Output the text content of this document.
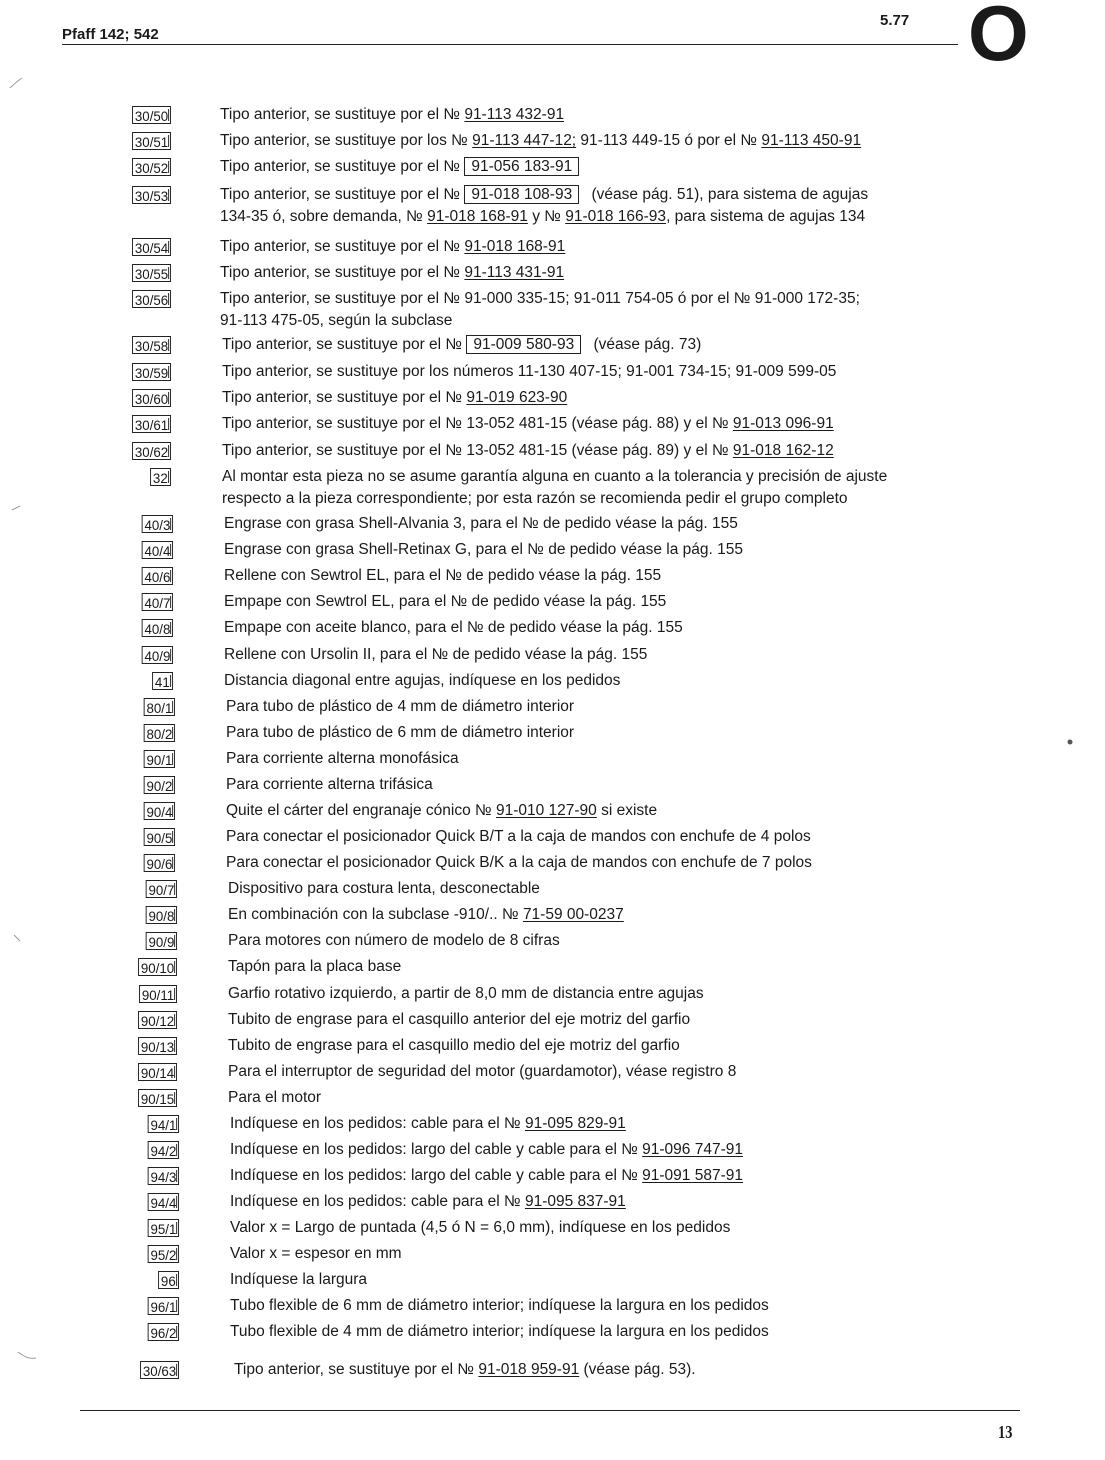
Pfaff 142; 542
5.77 O
30/50	Tipo anterior, se sustituye por el № 91-113 432-91
30/51	Tipo anterior, se sustituye por los № 91-113 447-12; 91-113 449-15 ó por el № 91-113 450-91
30/52	Tipo anterior, se sustituye por el № 91-056 183-91
30/53	Tipo anterior, se sustituye por el № 91-018 108-93 (véase pág. 51), para sistema de agujas
134-35 ó, sobre demanda, № 91-018 168-91 y № 91-018 166-93, para sistema de agujas 134
30/54	Tipo anterior, se sustituye por el № 91-018 168-91
30/55	Tipo anterior, se sustituye por el № 91-113 431-91
30/56	Tipo anterior, se sustituye por el № 91-000 335-15; 91-011 754-05 ó por el № 91-000 172-35;
91-113 475-05, según la subclase
30/58	Tipo anterior, se sustituye por el № 91-009 580-93 (véase pág. 73)
30/59	Tipo anterior, se sustituye por los números 11-130 407-15; 91-001 734-15; 91-009 599-05
30/60	Tipo anterior, se sustituye por el № 91-019 623-90
30/61	Tipo anterior, se sustituye por el № 13-052 481-15 (véase pág. 88) y el № 91-013 096-91
30/62	Tipo anterior, se sustituye por el № 13-052 481-15 (véase pág. 89) y el № 91-018 162-12
32	Al montar esta pieza no se asume garantía alguna en cuanto a la tolerancia y precisión de ajuste
respecto a la pieza correspondiente; por esta razón se recomienda pedir el grupo completo
40/3	Engrase con grasa Shell-Alvania 3, para el № de pedido véase la pág. 155
40/4	Engrase con grasa Shell-Retinax G, para el № de pedido véase la pág. 155
40/6	Rellene con Sewtrol EL, para el № de pedido véase la pág. 155
40/7	Empape con Sewtrol EL, para el № de pedido véase la pág. 155
40/8	Empape con aceite blanco, para el № de pedido véase la pág. 155
40/9	Rellene con Ursolin II, para el № de pedido véase la pág. 155
41	Distancia diagonal entre agujas, indíquese en los pedidos
80/1	Para tubo de plástico de 4 mm de diámetro interior
80/2	Para tubo de plástico de 6 mm de diámetro interior
90/1	Para corriente alterna monofásica
90/2	Para corriente alterna trifásica
90/4	Quite el cárter del engranaje cónico № 91-010 127-90 si existe
90/5	Para conectar el posicionador Quick B/T a la caja de mandos con enchufe de 4 polos
90/6	Para conectar el posicionador Quick B/K a la caja de mandos con enchufe de 7 polos
90/7	Dispositivo para costura lenta, desconectable
90/8	En combinación con la subclase -910/.. № 71-59 00-0237
90/9	Para motores con número de modelo de 8 cifras
90/10	Tapón para la placa base
90/11	Garfio rotativo izquierdo, a partir de 8,0 mm de distancia entre agujas
90/12	Tubito de engrase para el casquillo anterior del eje motriz del garfio
90/13	Tubito de engrase para el casquillo medio del eje motriz del garfio
90/14	Para el interruptor de seguridad del motor (guardamotor), véase registro 8
90/15	Para el motor
94/1	Indíquese en los pedidos: cable para el № 91-095 829-91
94/2	Indíquese en los pedidos: largo del cable y cable para el № 91-096 747-91
94/3	Indíquese en los pedidos: largo del cable y cable para el № 91-091 587-91
94/4	Indíquese en los pedidos: cable para el № 91-095 837-91
95/1	Valor x = Largo de puntada (4,5 ó N = 6,0 mm), indíquese en los pedidos
95/2	Valor x = espesor en mm
96	Indíquese la largura
96/1	Tubo flexible de 6 mm de diámetro interior; indíquese la largura en los pedidos
96/2	Tubo flexible de 4 mm de diámetro interior; indíquese la largura en los pedidos
30/63	Tipo anterior, se sustituye por el № 91-018 959-91 (véase pág. 53).
13
